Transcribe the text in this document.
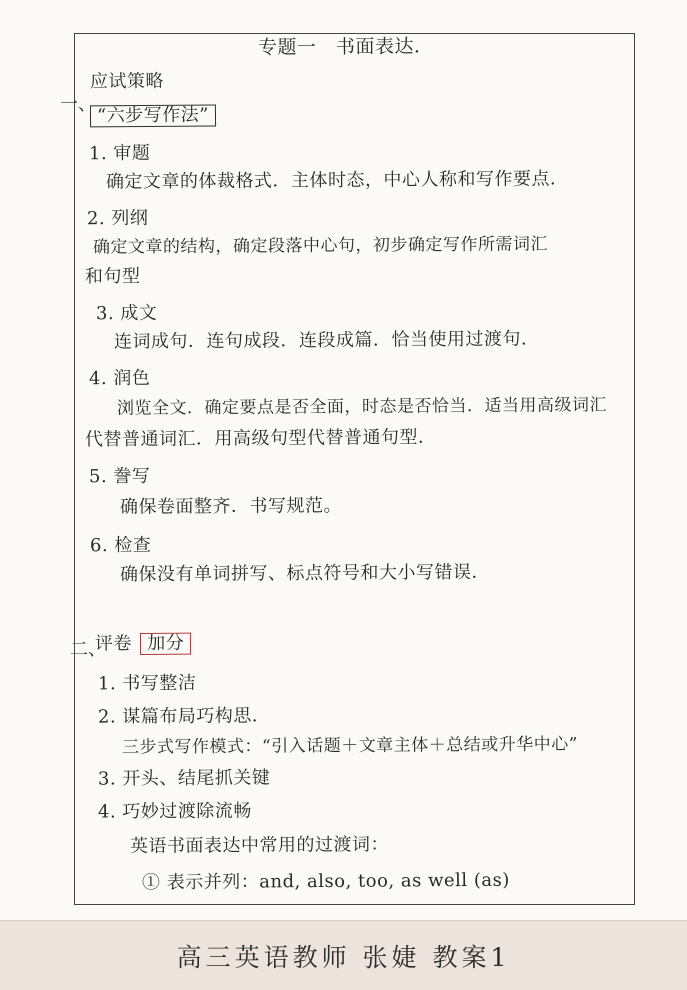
专题一　书面表达．
一、
应试策略
“六步写作法”
1. 审题
确定文章的体裁格式．主体时态，中心人称和写作要点．
2. 列纲
确定文章的结构，确定段落中心句，初步确定写作所需词汇
和句型
3. 成文
连词成句．连句成段．连段成篇．恰当使用过渡句．
4. 润色
浏览全文．确定要点是否全面，时态是否恰当．适当用高级词汇
代替普通词汇．用高级句型代替普通句型．
5. 誊写
确保卷面整齐．书写规范。
6. 检查
确保没有单词拼写、标点符号和大小写错误．
二、
评卷 加分
1. 书写整洁
2. 谋篇布局巧构思．
三步式写作模式：“引入话题＋文章主体＋总结或升华中心”
3. 开头、结尾抓关键
4. 巧妙过渡除流畅
英语书面表达中常用的过渡词：
① 表示并列：and, also, too, as well (as)
高三英语教师 张婕 教案1
